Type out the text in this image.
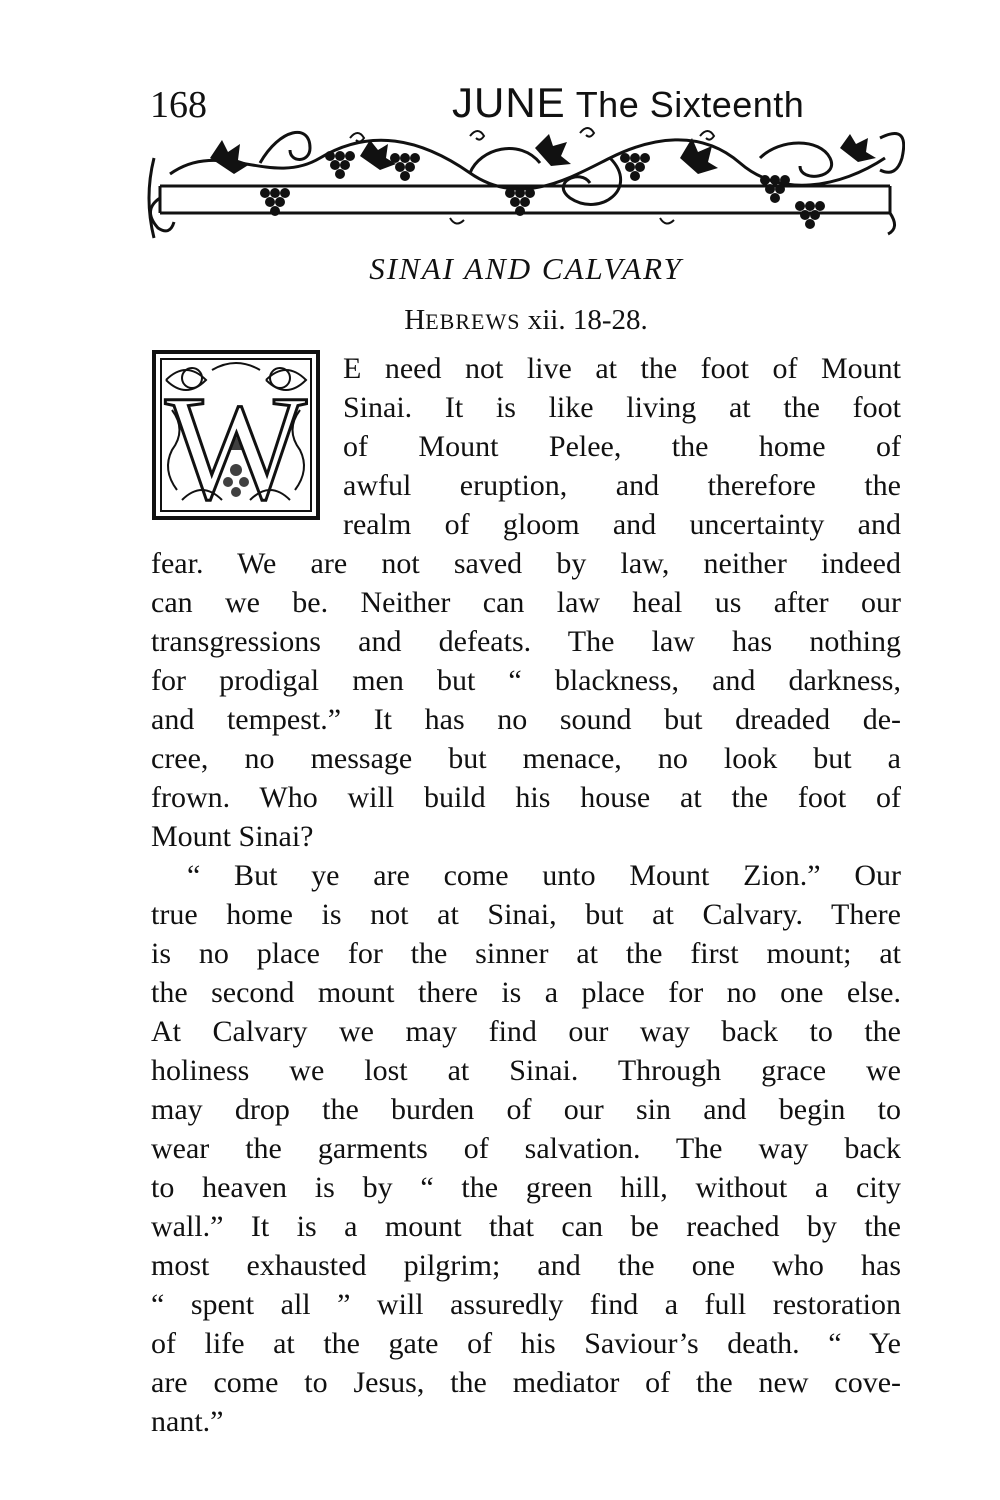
168	JUNE The Sixteenth
SINAI AND CALVARY
HEBREWS xii. 18-28.
W E need not live at the foot of Mount
Sinai. It is like living at the foot
of Mount Pelee, the home of
awful eruption, and therefore the
realm of gloom and uncertainty and
fear. We are not saved by law, neither indeed
can we be. Neither can law heal us after our
transgressions and defeats. The law has nothing
for prodigal men but “ blackness, and darkness,
and tempest.” It has no sound but dreaded de-
cree, no message but menace, no look but a
frown. Who will build his house at the foot of
Mount Sinai?
“ But ye are come unto Mount Zion.” Our
true home is not at Sinai, but at Calvary. There
is no place for the sinner at the first mount; at
the second mount there is a place for no one else.
At Calvary we may find our way back to the
holiness we lost at Sinai. Through grace we
may drop the burden of our sin and begin to
wear the garments of salvation. The way back
to heaven is by “ the green hill, without a city
wall.” It is a mount that can be reached by the
most exhausted pilgrim; and the one who has
“ spent all ” will assuredly find a full restoration
of life at the gate of his Saviour’s death. “ Ye
are come to Jesus, the mediator of the new cove-
nant.”
